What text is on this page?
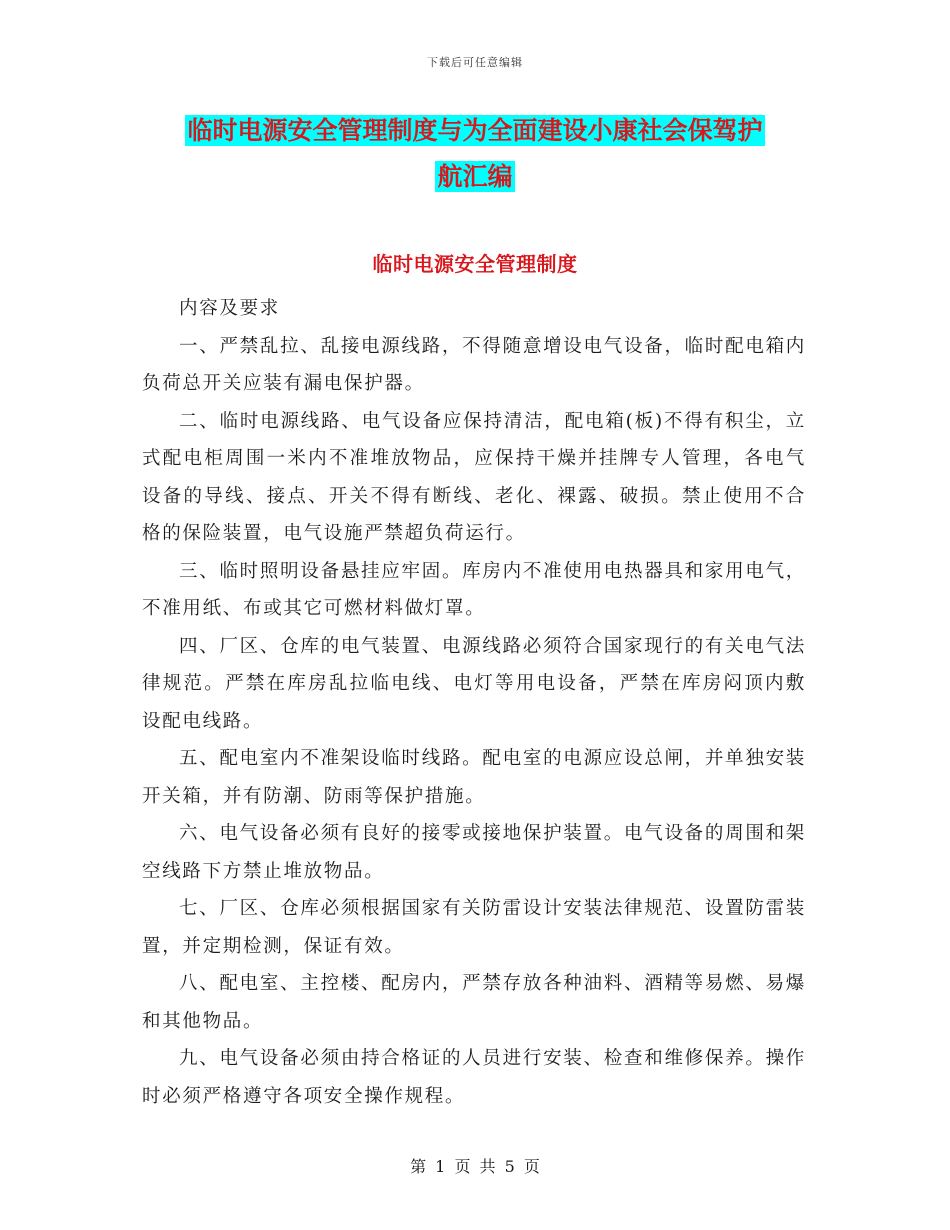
下载后可任意编辑
临时电源安全管理制度与为全面建设小康社会保驾护
航汇编
临时电源安全管理制度

内容及要求

一、严禁乱拉、乱接电源线路，不得随意增设电气设备，临时配电箱内负荷总开关应装有漏电保护器。

二、临时电源线路、电气设备应保持清洁，配电箱(板)不得有积尘，立式配电柜周围一米内不准堆放物品，应保持干燥并挂牌专人管理，各电气设备的导线、接点、开关不得有断线、老化、裸露、破损。禁止使用不合格的保险装置，电气设施严禁超负荷运行。

三、临时照明设备悬挂应牢固。库房内不准使用电热器具和家用电气，不准用纸、布或其它可燃材料做灯罩。

四、厂区、仓库的电气装置、电源线路必须符合国家现行的有关电气法律规范。严禁在库房乱拉临电线、电灯等用电设备，严禁在库房闷顶内敷设配电线路。

五、配电室内不准架设临时线路。配电室的电源应设总闸，并单独安装开关箱，并有防潮、防雨等保护措施。

六、电气设备必须有良好的接零或接地保护装置。电气设备的周围和架空线路下方禁止堆放物品。

七、厂区、仓库必须根据国家有关防雷设计安装法律规范、设置防雷装置，并定期检测，保证有效。

八、配电室、主控楼、配房内，严禁存放各种油料、酒精等易燃、易爆和其他物品。

九、电气设备必须由持合格证的人员进行安装、检查和维修保养。操作时必须严格遵守各项安全操作规程。

第 1 页 共 5 页
